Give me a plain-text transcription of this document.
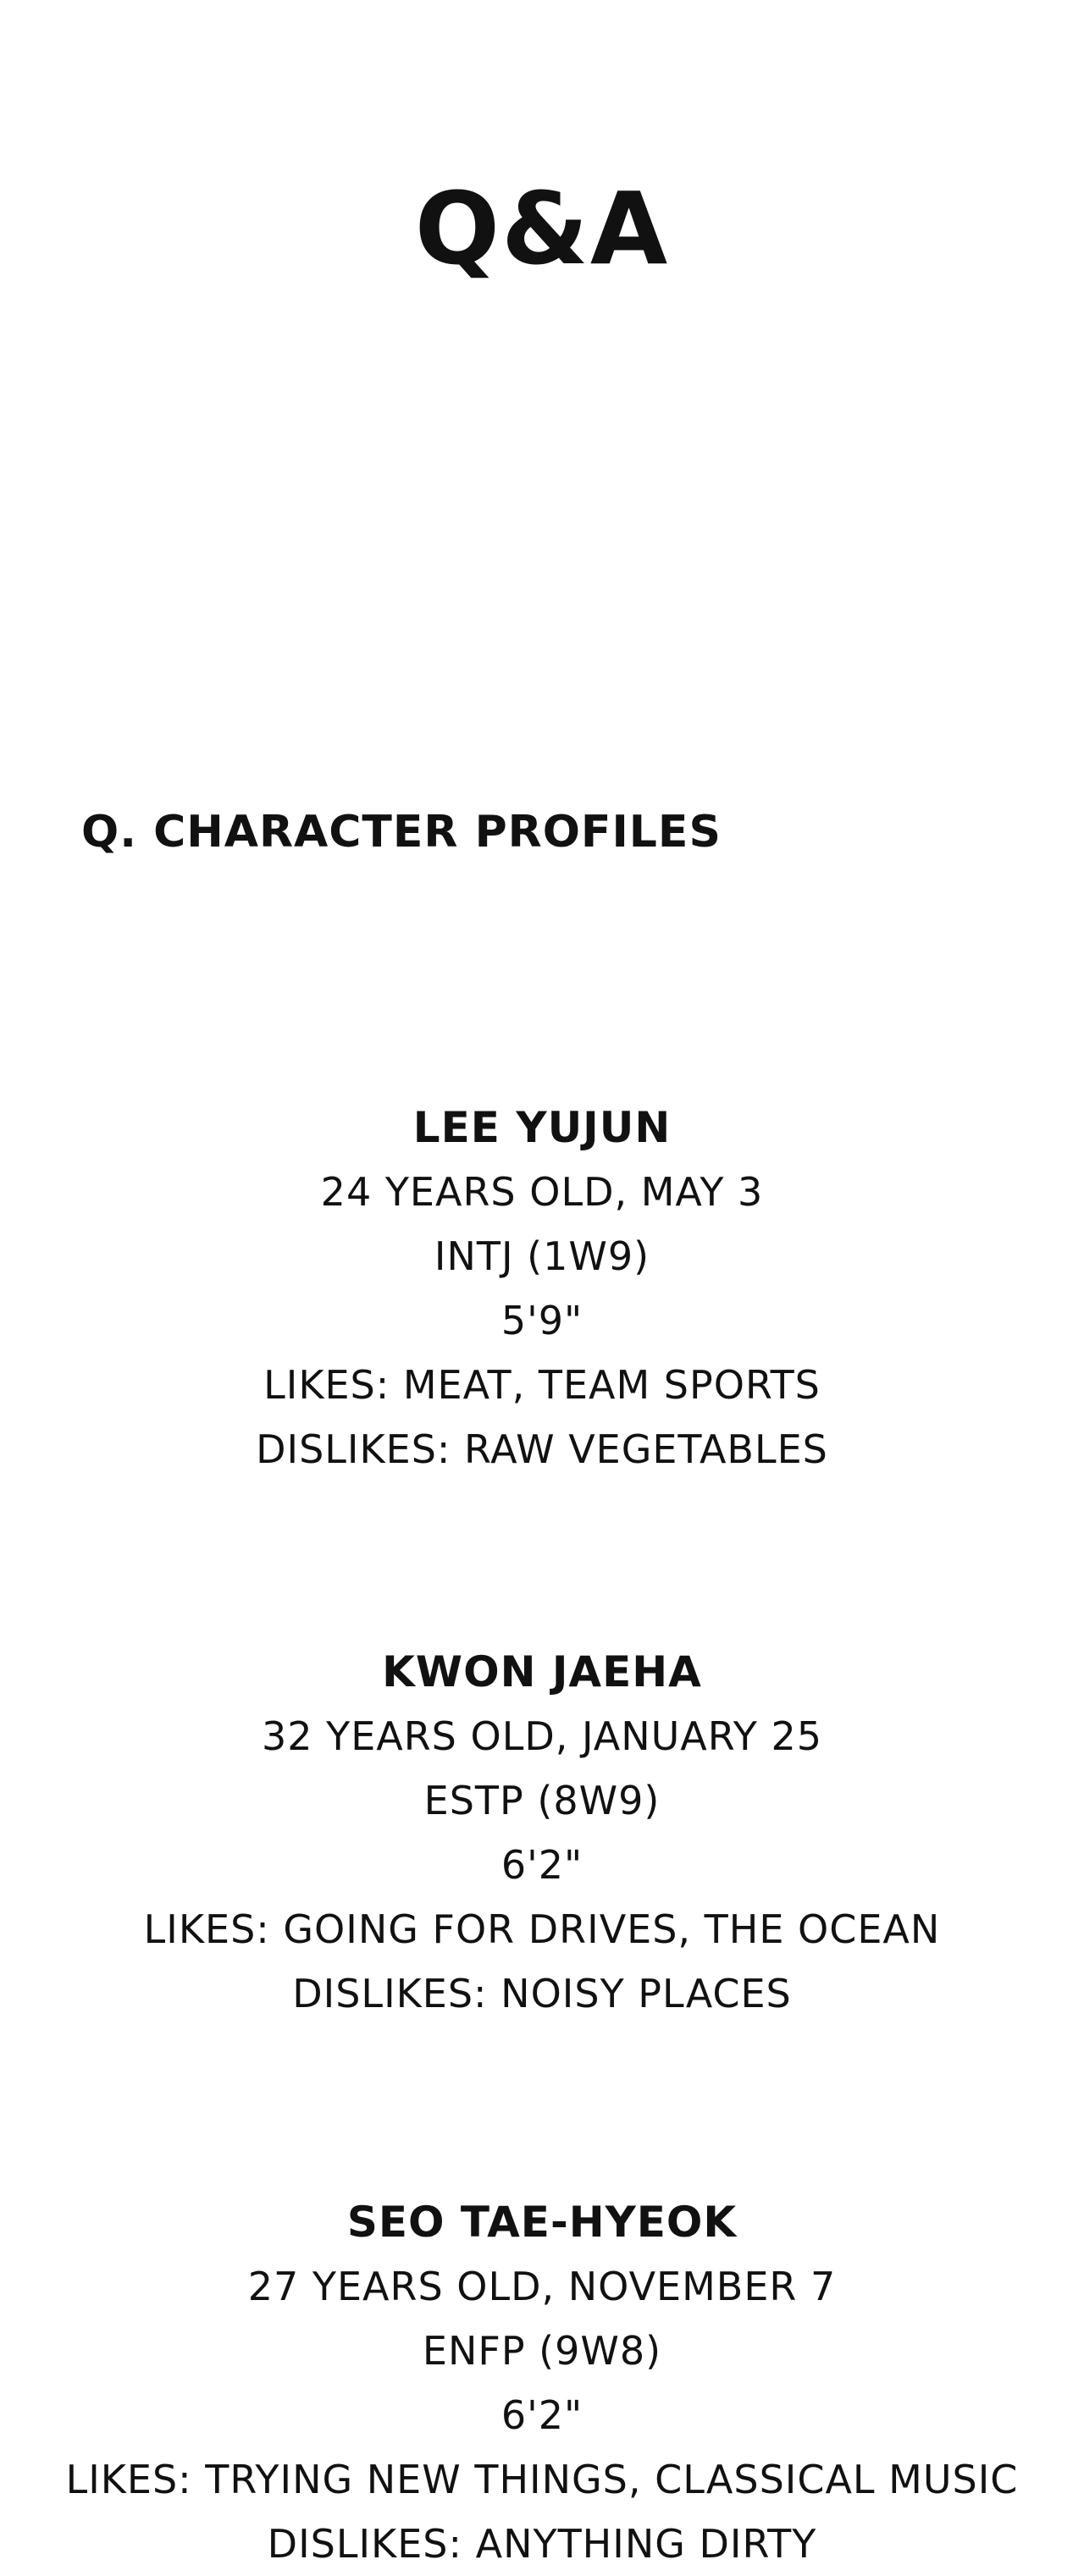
Q&A
Q. CHARACTER PROFILES
LEE YUJUN
24 YEARS OLD, MAY 3
INTJ (1W9)
5'9"
LIKES: MEAT, TEAM SPORTS
DISLIKES: RAW VEGETABLES
KWON JAEHA
32 YEARS OLD, JANUARY 25
ESTP (8W9)
6'2"
LIKES: GOING FOR DRIVES, THE OCEAN
DISLIKES: NOISY PLACES
SEO TAE-HYEOK
27 YEARS OLD, NOVEMBER 7
ENFP (9W8)
6'2"
LIKES: TRYING NEW THINGS, CLASSICAL MUSIC
DISLIKES: ANYTHING DIRTY
